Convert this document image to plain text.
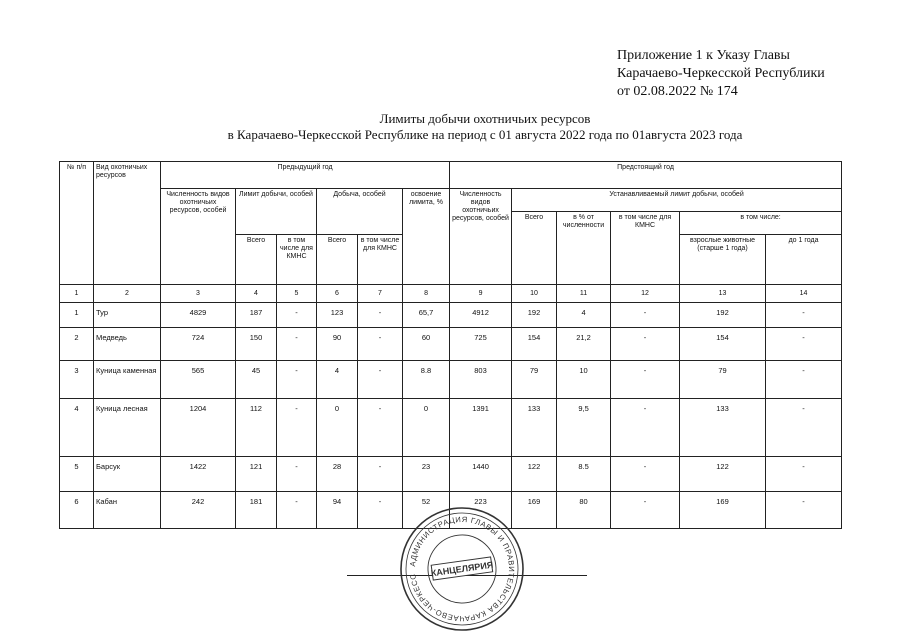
Приложение 1 к Указу Главы
Карачаево-Черкесской Республики
от 02.08.2022 № 174
Лимиты добычи охотничьих ресурсов
в Карачаево-Черкесской Республике на период с 01 августа 2022 года по 01августа 2023 года
№ п/п	Вид охотничьих ресурсов	Предыдущий год						Предстоящий год					
		Численность видов охотничьих ресурсов, особей	Лимит добычи, особей		Добыча, особей		освоение лимита, %	Численность видов охотничьих ресурсов, особей	Устанавливаемый лимит добычи, особей				
									Всего	в % от численности	в том числе для КМНС	в том числе:	
			Всего	в том числе для КМНС	Всего	в том числе для КМНС						взрослые животные (старше 1 года)	до 1 года
1	2	3	4	5	6	7	8	9	10	11	12	13	14
1	Тур	4829	187	-	123	-	65,7	4912	192	4	-	192	-
2	Медведь	724	150	-	90	-	60	725	154	21,2	-	154	-
3	Куница каменная	565	45	-	4	-	8.8	803	79	10	-	79	-
4	Куница лесная	1204	112	-	0	-	0	1391	133	9,5	-	133	-
5	Барсук	1422	121	-	28	-	23	1440	122	8.5	-	122	-
6	Кабан	242	181	-	94	-	52	223	169	80	-	169	-
АДМИНИСТРАЦИЯ ГЛАВЫ И ПРАВИТЕЛЬСТВА КАРАЧАЕВО-ЧЕРКЕССКОЙ
КАНЦЕЛЯРИЯ
